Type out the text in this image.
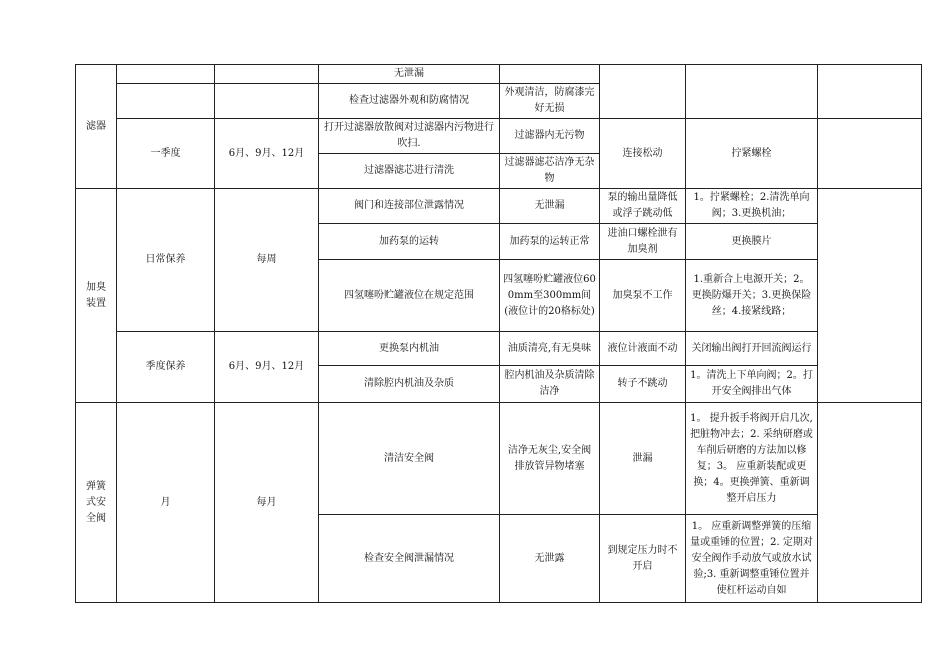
滤器			无泄漏				
			检查过滤器外观和防腐情况	外观清洁，防腐漆完好无损			
	一季度	6月、9月、12月	打开过滤器放散阀对过滤器内污物进行吹扫.	过滤器内无污物	连接松动	拧紧螺栓	
			过滤器滤芯进行清洗	过滤器滤芯洁净无杂物			
加臭装置	日常保养	每周	阀门和连接部位泄露情况	无泄漏	泵的输出量降低或浮子跳动低	1。拧紧螺栓；2.清洗单向阀；3.更换机油；	
			加药泵的运转	加药泵的运转正常	进油口螺栓泄有加臭剂	更换膜片	
			四氢噻吩贮罐液位在规定范围	四氢噻吩贮罐液位600mm至300mm间(液位计的20格标处)	加臭泵不工作	1.重新合上电源开关；2。更换防爆开关；3.更换保险丝；4.接紧线路；	
	季度保养	6月、9月、12月	更换泵内机油	油质清亮,有无臭味	液位计液面不动	关闭输出阀打开回流阀运行	
			清除腔内机油及杂质	腔内机油及杂质清除洁净	转子不跳动	1。清洗上下单向阀；2。打开安全阀排出气体	
弹簧式安全阀	月	每月	清洁安全阀	洁净无灰尘,安全阀排放管异物堵塞	泄漏	1。 提升扳手将阀开启几次,把脏物冲去；2. 采纳研磨或车削后研磨的方法加以修复；3。 应重新装配或更换；4。更换弹簧、重新调整开启压力	
			检查安全阀泄漏情况	无泄露	到规定压力时不开启	1。 应重新调整弹簧的压缩量或重锤的位置；2. 定期对安全阀作手动放气或放水试验;3. 重新调整重锤位置并使杠杆运动自如	
